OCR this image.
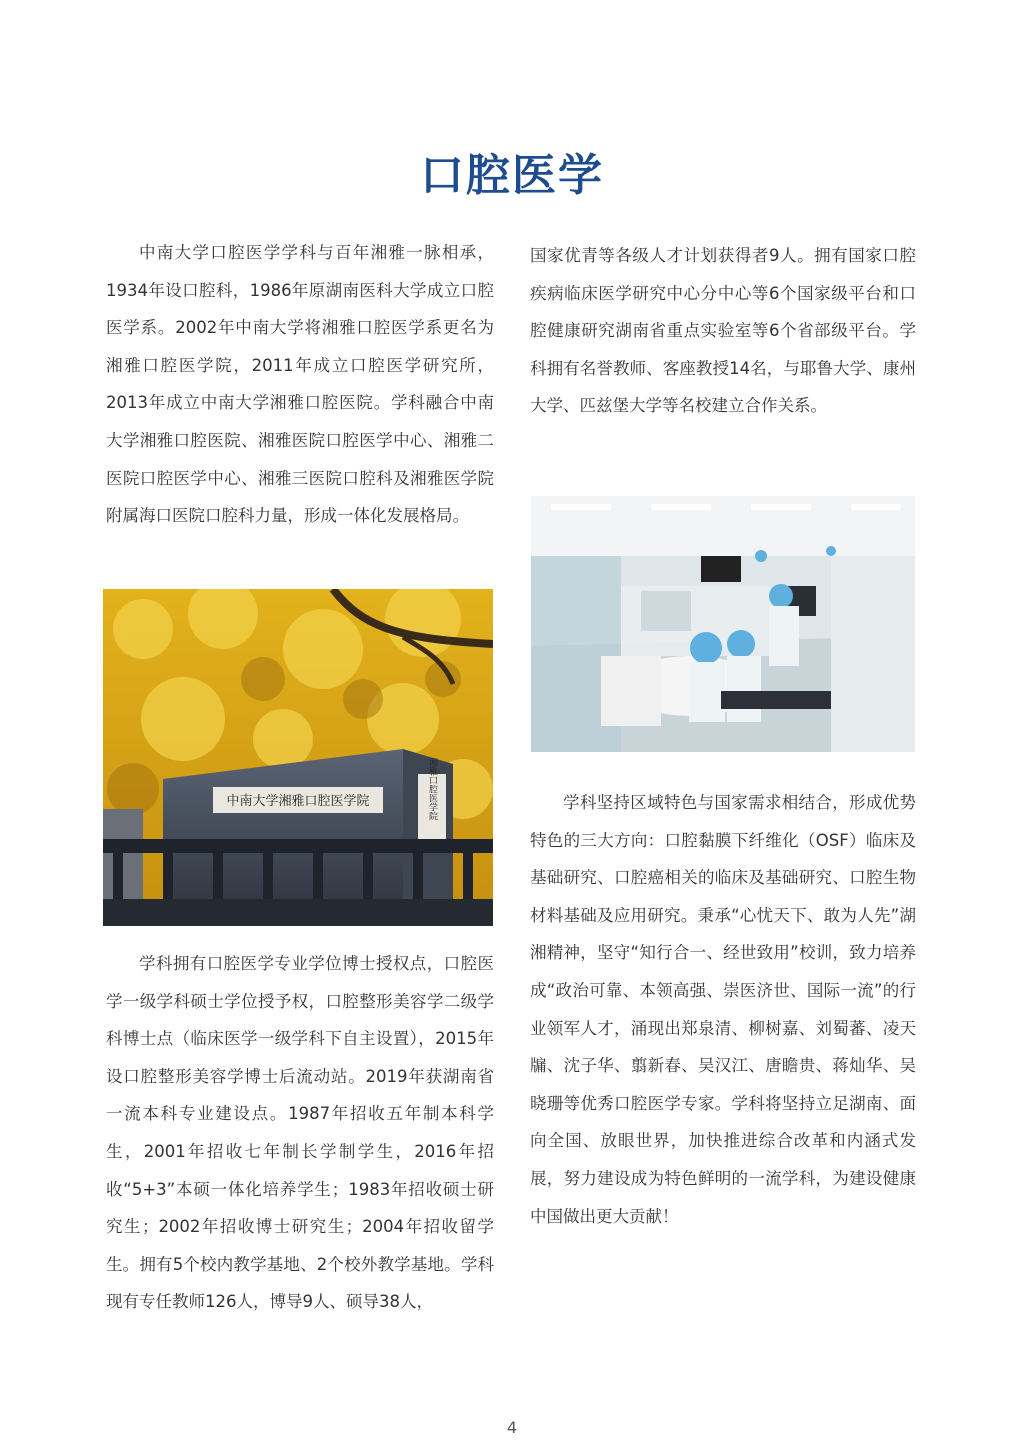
口腔医学

中南大学口腔医学学科与百年湘雅一脉相承，1934年设口腔科，1986年原湖南医科大学成立口腔医学系。2002年中南大学将湘雅口腔医学系更名为湘雅口腔医学院，2011年成立口腔医学研究所，2013年成立中南大学湘雅口腔医院。学科融合中南大学湘雅口腔医院、湘雅医院口腔医学中心、湘雅二医院口腔医学中心、湘雅三医院口腔科及湘雅医学院附属海口医院口腔科力量，形成一体化发展格局。

中南大学湘雅口腔医学院	湘雅口腔医学院

学科拥有口腔医学专业学位博士授权点，口腔医学一级学科硕士学位授予权，口腔整形美容学二级学科博士点（临床医学一级学科下自主设置），2015年设口腔整形美容学博士后流动站。2019年获湖南省一流本科专业建设点。1987年招收五年制本科学生，2001年招收七年制长学制学生，2016年招收“5+3”本硕一体化培养学生；1983年招收硕士研究生；2002年招收博士研究生；2004年招收留学生。拥有5个校内教学基地、2个校外教学基地。学科现有专任教师126人，博导9人、硕导38人，

国家优青等各级人才计划获得者9人。拥有国家口腔疾病临床医学研究中心分中心等6个国家级平台和口腔健康研究湖南省重点实验室等6个省部级平台。学科拥有名誉教师、客座教授14名，与耶鲁大学、康州大学、匹兹堡大学等名校建立合作关系。

学科坚持区域特色与国家需求相结合，形成优势特色的三大方向：口腔黏膜下纤维化（OSF）临床及基础研究、口腔癌相关的临床及基础研究、口腔生物材料基础及应用研究。秉承“心忧天下、敢为人先”湖湘精神，坚守“知行合一、经世致用”校训，致力培养成“政治可靠、本领高强、崇医济世、国际一流”的行业领军人才，涌现出郑泉清、柳树嘉、刘蜀蕃、凌天牖、沈子华、翦新春、吴汉江、唐瞻贵、蒋灿华、吴晓珊等优秀口腔医学专家。学科将坚持立足湖南、面向全国、放眼世界，加快推进综合改革和内涵式发展，努力建设成为特色鲜明的一流学科，为建设健康中国做出更大贡献！

4
